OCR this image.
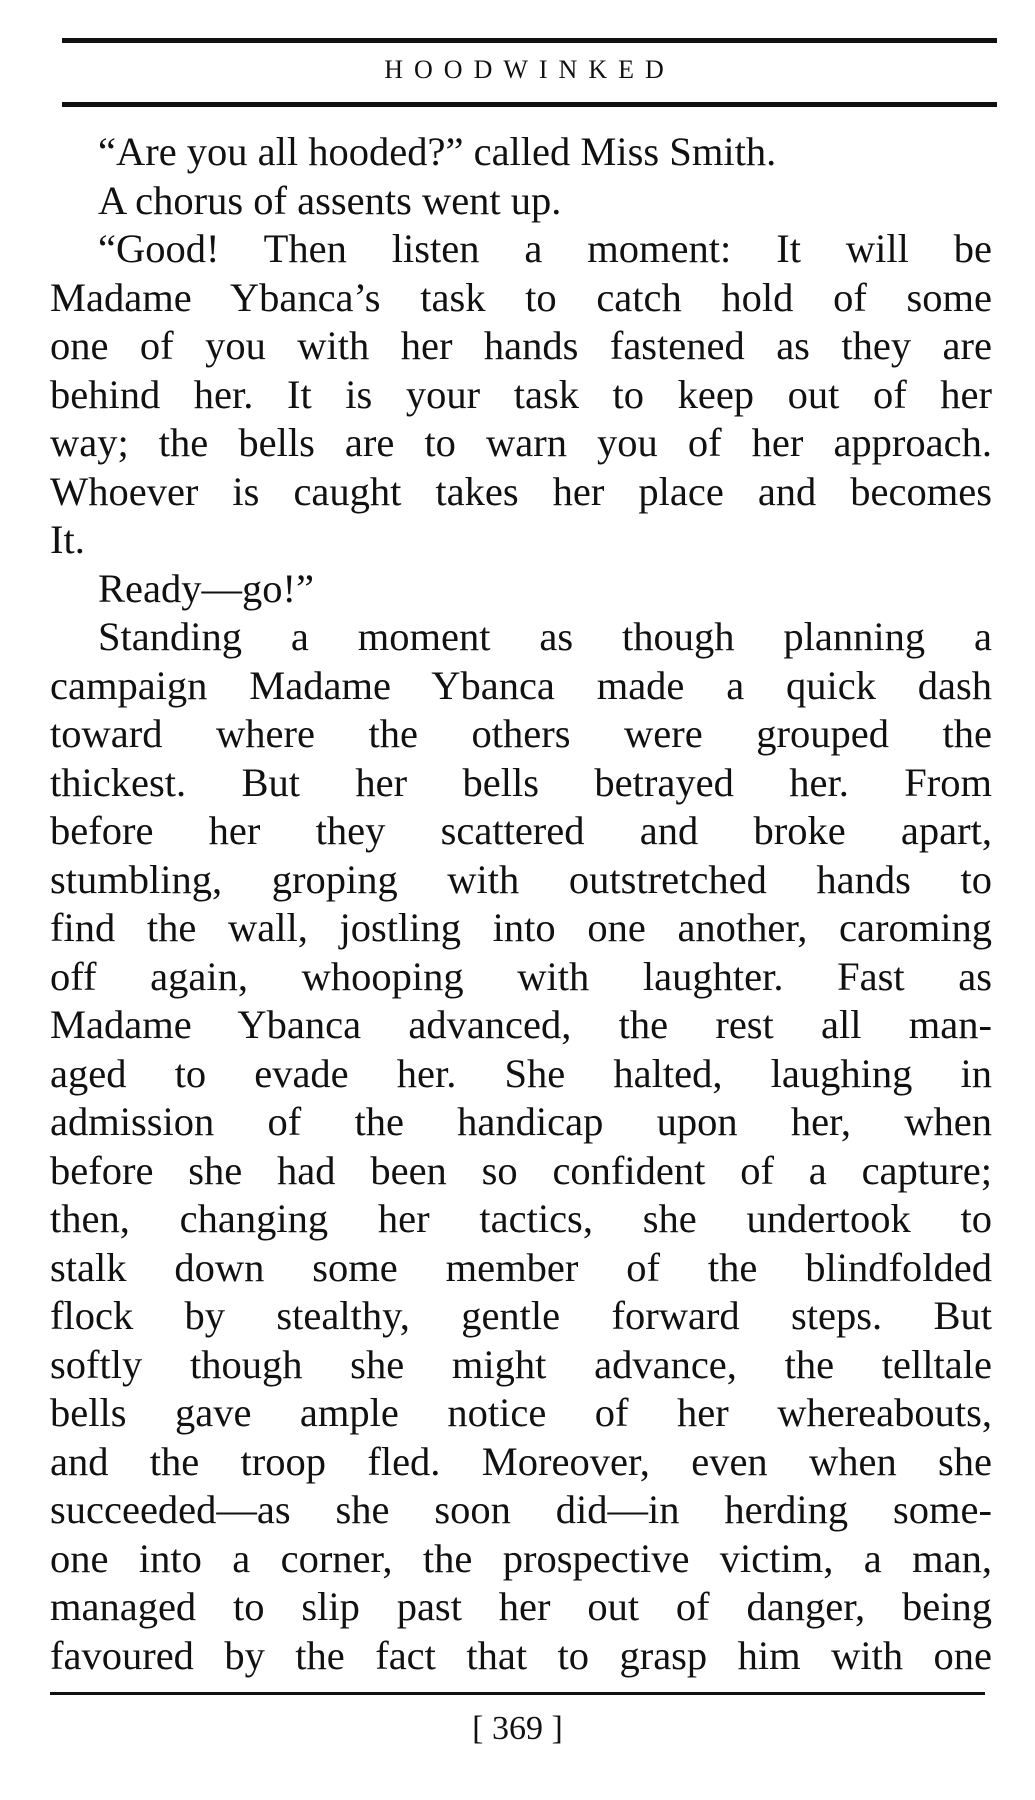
HOODWINKED
“Are you all hooded?” called Miss Smith.
A chorus of assents went up.
“Good! Then listen a moment: It will be
Madame Ybanca’s task to catch hold of some
one of you with her hands fastened as they are
behind her. It is your task to keep out of her
way; the bells are to warn you of her approach.
Whoever is caught takes her place and becomes
It.
Ready—go!”
Standing a moment as though planning a
campaign Madame Ybanca made a quick dash
toward where the others were grouped the
thickest. But her bells betrayed her. From
before her they scattered and broke apart,
stumbling, groping with outstretched hands to
find the wall, jostling into one another, caroming
off again, whooping with laughter. Fast as
Madame Ybanca advanced, the rest all man-
aged to evade her. She halted, laughing in
admission of the handicap upon her, when
before she had been so confident of a capture;
then, changing her tactics, she undertook to
stalk down some member of the blindfolded
flock by stealthy, gentle forward steps. But
softly though she might advance, the telltale
bells gave ample notice of her whereabouts,
and the troop fled. Moreover, even when she
succeeded—as she soon did—in herding some-
one into a corner, the prospective victim, a man,
managed to slip past her out of danger, being
favoured by the fact that to grasp him with one
[ 369 ]
